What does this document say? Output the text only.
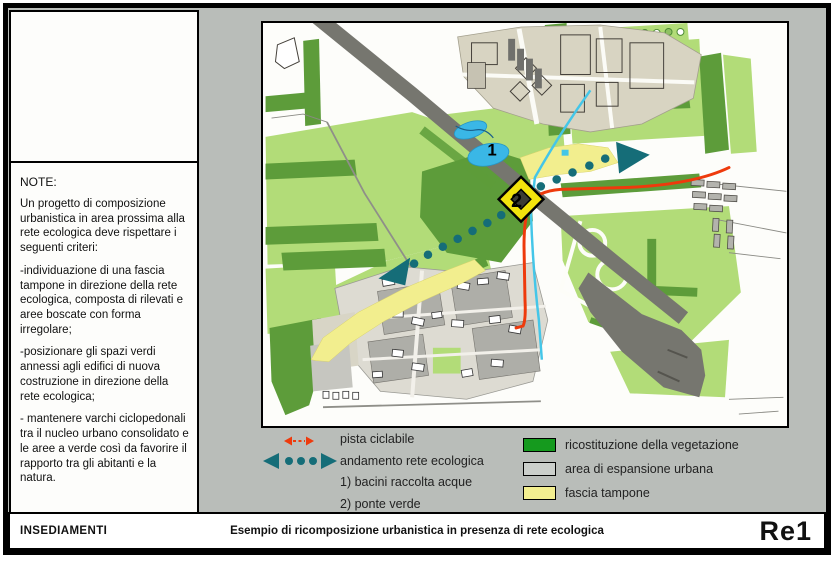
NOTE:

Un progetto di composizione urbanistica in area prossima alla rete ecologica deve rispettare i seguenti criteri:

-individuazione di una fascia tampone in direzione della rete ecologica, composta di rilevati e aree boscate con forma irregolare;

-posizionare gli spazi verdi annessi agli edifici di nuova costruzione in direzione della rete ecologica;

- mantenere varchi ciclopedonali tra il nucleo urbano consolidato e le aree a verde così da favorire il rapporto tra gli abitanti e la natura.

1
2
pista ciclabile
andamento rete ecologica
1) bacini raccolta acque
2) ponte verde
ricostituzione della vegetazione
area di espansione urbana
fascia tampone
INSEDIAMENTI	Esempio di ricomposizione urbanistica in presenza di rete ecologica	Re1
